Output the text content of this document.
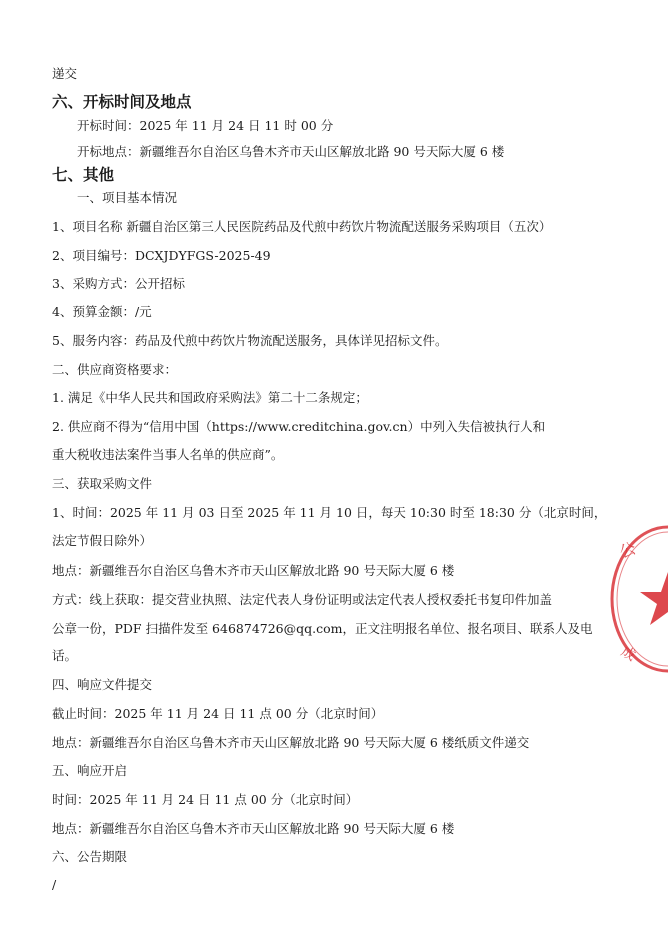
递交
六、开标时间及地点
开标时间：2025 年 11 月 24 日 11 时 00 分
开标地点：新疆维吾尔自治区乌鲁木齐市天山区解放北路 90 号天际大厦 6 楼
七、其他
一、项目基本情况
1、项目名称 新疆自治区第三人民医院药品及代煎中药饮片物流配送服务采购项目（五次）
2、项目编号：DCXJDYFGS-2025-49
3、采购方式：公开招标
4、预算金额：/元
5、服务内容：药品及代煎中药饮片物流配送服务，具体详见招标文件。
二、供应商资格要求：
1. 满足《中华人民共和国政府采购法》第二十二条规定；
2. 供应商不得为“信用中国（https://www.creditchina.gov.cn）中列入失信被执行人和
重大税收违法案件当事人名单的供应商”。
三、获取采购文件
1、时间：2025 年 11 月 03 日至 2025 年 11 月 10 日，每天 10:30 时至 18:30 分（北京时间，
法定节假日除外）
地点：新疆维吾尔自治区乌鲁木齐市天山区解放北路 90 号天际大厦 6 楼
方式：线上获取：提交营业执照、法定代表人身份证明或法定代表人授权委托书复印件加盖
公章一份，PDF 扫描件发至 646874726@qq.com，正文注明报名单位、报名项目、联系人及电
话。
四、响应文件提交
截止时间：2025 年 11 月 24 日 11 点 00 分（北京时间）
地点：新疆维吾尔自治区乌鲁木齐市天山区解放北路 90 号天际大厦 6 楼纸质文件递交
五、响应开启
时间：2025 年 11 月 24 日 11 点 00 分（北京时间）
地点：新疆维吾尔自治区乌鲁木齐市天山区解放北路 90 号天际大厦 6 楼
六、公告期限
/
公
成
